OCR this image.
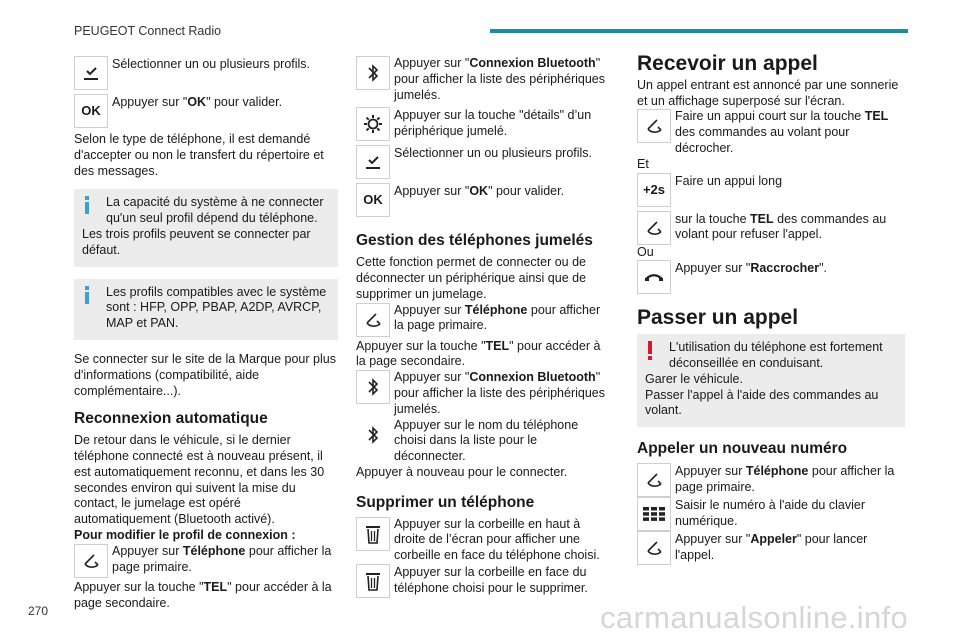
PEUGEOT Connect Radio
Sélectionner un ou plusieurs profils.
OK
Appuyer sur "OK" pour valider.

Selon le type de téléphone, il est demandé d'accepter ou non le transfert du répertoire et des messages.

La capacité du système à ne connecter qu'un seul profil dépend du téléphone.
Les trois profils peuvent se connecter par défaut.
Les profils compatibles avec le système sont : HFP, OPP, PBAP, A2DP, AVRCP, MAP et PAN.

Se connecter sur le site de la Marque pour plus d'informations (compatibilité, aide complémentaire...).

Reconnexion automatique

De retour dans le véhicule, si le dernier téléphone connecté est à nouveau présent, il est automatiquement reconnu, et dans les 30 secondes environ qui suivent la mise du contact, le jumelage est opéré automatiquement (Bluetooth activé).

Pour modifier le profil de connexion :

Appuyer sur Téléphone pour afficher la page primaire.

Appuyer sur la touche "TEL" pour accéder à la page secondaire.

Appuyer sur "Connexion Bluetooth" pour afficher la liste des périphériques jumelés.
Appuyer sur la touche "détails" d’un périphérique jumelé.
Sélectionner un ou plusieurs profils.
OK
Appuyer sur "OK" pour valider.
Gestion des téléphones jumelés

Cette fonction permet de connecter ou de déconnecter un périphérique ainsi que de supprimer un jumelage.

Appuyer sur Téléphone pour afficher la page primaire.

Appuyer sur la touche "TEL" pour accéder à la page secondaire.

Appuyer sur "Connexion Bluetooth" pour afficher la liste des périphériques jumelés.
Appuyer sur le nom du téléphone choisi dans la liste pour le déconnecter.

Appuyer à nouveau pour le connecter.

Supprimer un téléphone
Appuyer sur la corbeille en haut à droite de l’écran pour afficher une corbeille en face du téléphone choisi.
Appuyer sur la corbeille en face du téléphone choisi pour le supprimer.
Recevoir un appel

Un appel entrant est annoncé par une sonnerie et un affichage superposé sur l'écran.

Faire un appui court sur la touche TEL des commandes au volant pour décrocher.

Et

+2s
Faire un appui long
sur la touche TEL des commandes au volant pour refuser l'appel.

Ou

Appuyer sur "Raccrocher".
Passer un appel
L'utilisation du téléphone est fortement déconseillée en conduisant.
Garer le véhicule.
Passer l'appel à l'aide des commandes au volant.
Appeler un nouveau numéro
Appuyer sur Téléphone pour afficher la page primaire.
Saisir le numéro à l'aide du clavier numérique.
Appuyer sur "Appeler" pour lancer l'appel.
270	carmanualsonline.info
